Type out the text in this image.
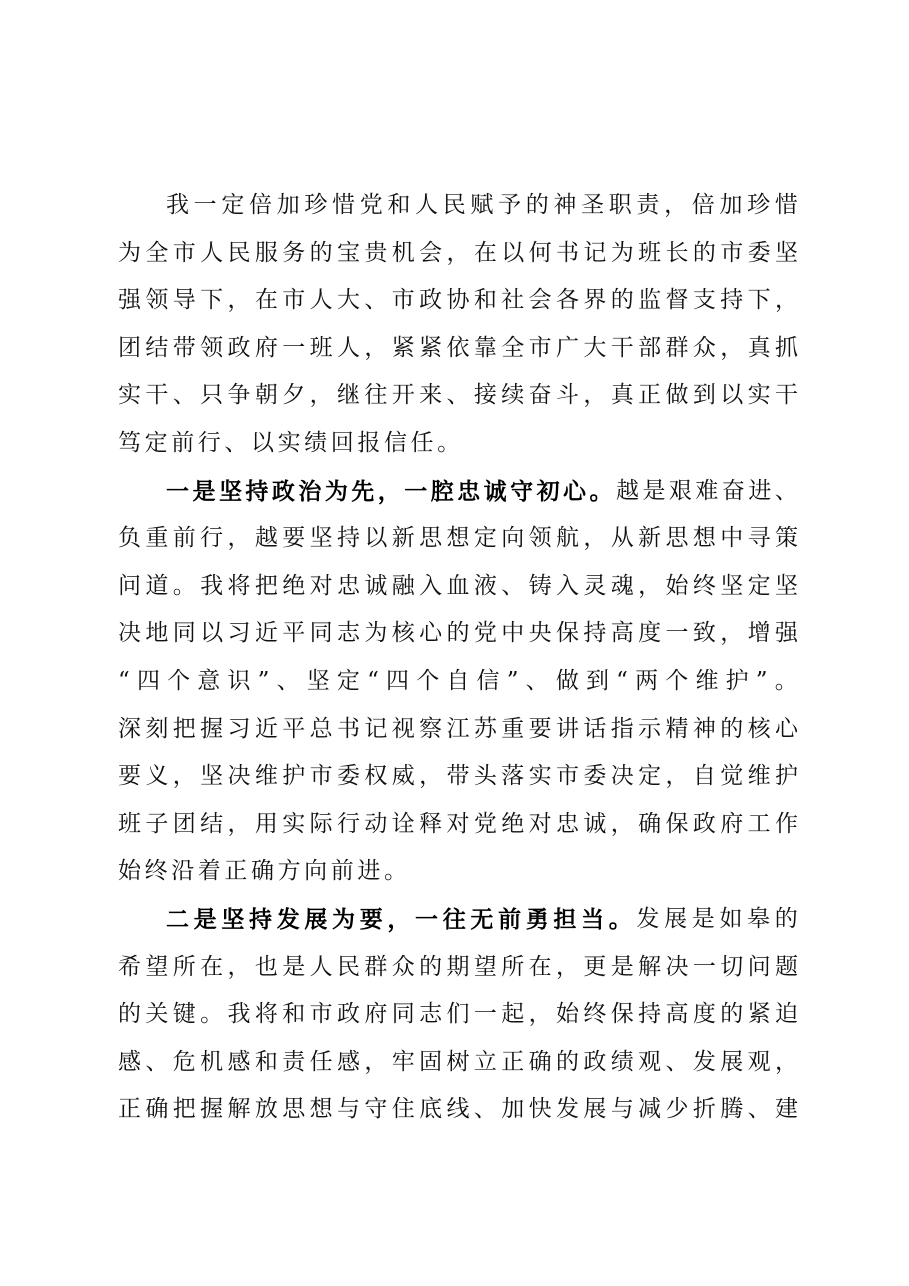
我 一 定 倍 加 珍 惜 党 和 人 民 赋 予 的 神 圣 职 责 ， 倍 加 珍 惜
为 全 市 人 民 服 务 的 宝 贵 机 会 ， 在 以 何 书 记 为 班 长 的 市 委 坚
强 领 导 下 ， 在 市 人 大 、 市 政 协 和 社 会 各 界 的 监 督 支 持 下 ，
团 结 带 领 政 府 一 班 人 ， 紧 紧 依 靠 全 市 广 大 干 部 群 众 ， 真 抓
实 干 、 只 争 朝 夕 ， 继 往 开 来 、 接 续 奋 斗 ， 真 正 做 到 以 实 干
笃 定 前 行 、 以 实 绩 回 报 信 任 。
一 是 坚 持 政 治 为 先 ， 一 腔 忠 诚 守 初 心 。 越 是 艰 难 奋 进 、
负 重 前 行 ， 越 要 坚 持 以 新 思 想 定 向 领 航 ， 从 新 思 想 中 寻 策
问 道 。 我 将 把 绝 对 忠 诚 融 入 血 液 、 铸 入 灵 魂 ， 始 终 坚 定 坚
决 地 同 以 习 近 平 同 志 为 核 心 的 党 中 央 保 持 高 度 一 致 ， 增 强
“ 四 个 意 识 ” 、 坚 定 “ 四 个 自 信 ” 、 做 到 “ 两 个 维 护 ” 。
深 刻 把 握 习 近 平 总 书 记 视 察 江 苏 重 要 讲 话 指 示 精 神 的 核 心
要 义 ， 坚 决 维 护 市 委 权 威 ， 带 头 落 实 市 委 决 定 ， 自 觉 维 护
班 子 团 结 ， 用 实 际 行 动 诠 释 对 党 绝 对 忠 诚 ， 确 保 政 府 工 作
始 终 沿 着 正 确 方 向 前 进 。
二 是 坚 持 发 展 为 要 ， 一 往 无 前 勇 担 当 。 发 展 是 如 皋 的
希 望 所 在 ， 也 是 人 民 群 众 的 期 望 所 在 ， 更 是 解 决 一 切 问 题
的 关 键 。 我 将 和 市 政 府 同 志 们 一 起 ， 始 终 保 持 高 度 的 紧 迫
感 、 危 机 感 和 责 任 感 ， 牢 固 树 立 正 确 的 政 绩 观 、 发 展 观 ，
正 确 把 握 解 放 思 想 与 守 住 底 线 、 加 快 发 展 与 减 少 折 腾 、 建
